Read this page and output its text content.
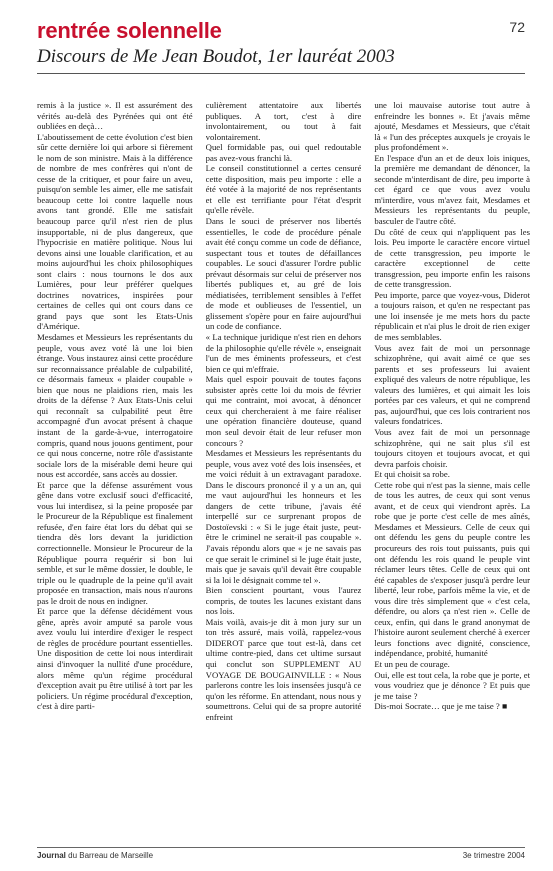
rentrée solennelle	72
Discours de Me Jean Boudot, 1er lauréat 2003

remis à la justice ». Il est assurément des vérités au-delà des Pyrénées qui ont été oubliées en deçà…

L'aboutissement de cette évolution c'est bien sûr cette dernière loi qui arbore si fièrement le nom de son ministre. Mais à la différence de nombre de mes confrères qui n'ont de cesse de la critiquer, et pour faire un aveu, puisqu'on semble les aimer, elle me satisfait beaucoup cette loi contre laquelle nous avons tant grondé. Elle me satisfait beaucoup parce qu'il n'est rien de plus insupportable, ni de plus dangereux, que l'hypocrisie en matière politique. Nous lui devons ainsi une louable clarification, et au moins aujourd'hui les choix philosophiques sont clairs : nous tournons le dos aux Lumières, pour leur préférer quelques doctrines novatrices, inspirées pour certaines de celles qui ont cours dans ce grand pays que sont les Etats-Unis d'Amérique.

Mesdames et Messieurs les représentants du peuple, vous avez voté là une loi bien étrange. Vous instaurez ainsi cette procédure sur reconnaissance préalable de culpabilité, ce désormais fameux « plaider coupable » bien que nous ne plaidions rien, mais les droits de la défense ? Aux Etats-Unis celui qui reconnaît sa culpabilité peut être accompagné d'un avocat présent à chaque instant de la garde-à-vue, interrogatoire compris, quand nous jouons gentiment, pour ce qui nous concerne, notre rôle d'assistante sociale lors de la misérable demi heure qui nous est accordée, sans accès au dossier.

Et parce que la défense assurément vous gêne dans votre exclusif souci d'efficacité, vous lui interdisez, si la peine proposée par le Procureur de la République est finalement refusée, d'en faire état lors du débat qui se tiendra dès lors devant la juridiction correctionnelle. Monsieur le Procureur de la République pourra requérir si bon lui semble, et sur le même dossier, le double, le triple ou le quadruple de la peine qu'il avait proposée en transaction, mais nous n'aurons pas le droit de nous en indigner.

Et parce que la défense décidément vous gêne, après avoir amputé sa parole vous avez voulu lui interdire d'exiger le respect de règles de procédure pourtant essentielles. Une disposition de cette loi nous interdirait ainsi d'invoquer la nullité d'une procédure, alors même qu'un régime procédural d'exception avait pu être utilisé à tort par les policiers. Un régime procédural d'exception, c'est à dire parti-

culièrement attentatoire aux libertés publiques. A tort, c'est à dire involontairement, ou tout à fait volontairement.

Quel formidable pas, oui quel redoutable pas avez-vous franchi là.

Le conseil constitutionnel a certes censuré cette disposition, mais peu importe : elle a été votée à la majorité de nos représentants et elle est terrifiante pour l'état d'esprit qu'elle révèle.

Dans le souci de préserver nos libertés essentielles, le code de procédure pénale avait été conçu comme un code de défiance, suspectant tous et toutes de défaillances coupables. Le souci d'assurer l'ordre public prévaut désormais sur celui de préserver nos libertés publiques et, au gré de lois médiatisées, terriblement sensibles à l'effet de mode et oublieuses de l'essentiel, un glissement s'opère pour en faire aujourd'hui un code de confiance.

« La technique juridique n'est rien en dehors de la philosophie qu'elle révèle », enseignait l'un de mes éminents professeurs, et c'est bien ce qui m'effraie.

Mais quel espoir pouvait de toutes façons subsister après cette loi du mois de février qui me contraint, moi avocat, à dénoncer ceux qui chercheraient à me faire réaliser une opération financière douteuse, quand mon seul devoir était de leur refuser mon concours ?

Mesdames et Messieurs les représentants du peuple, vous avez voté des lois insensées, et me voici réduit à un extravagant paradoxe. Dans le discours prononcé il y a un an, qui me vaut aujourd'hui les honneurs et les dangers de cette tribune, j'avais été interpellé sur ce surprenant propos de Dostoïevski : « Si le juge était juste, peut-être le criminel ne serait-il pas coupable ». J'avais répondu alors que « je ne savais pas ce que serait le criminel si le juge était juste, mais que je savais qu'il devait être coupable si la loi le désignait comme tel ».

Bien conscient pourtant, vous l'aurez compris, de toutes les lacunes existant dans nos lois.

Mais voilà, avais-je dit à mon jury sur un ton très assuré, mais voilà, rappelez-vous DIDEROT parce que tout est-là, dans cet ultime contre-pied, dans cet ultime sursaut qui conclut son SUPPLEMENT AU VOYAGE DE BOUGAINVILLE : « Nous parlerons contre les lois insensées jusqu'à ce qu'on les réforme. En attendant, nous nous y soumettrons. Celui qui de sa propre autorité enfreint

une loi mauvaise autorise tout autre à enfreindre les bonnes ». Et j'avais même ajouté, Mesdames et Messieurs, que c'était là « l'un des préceptes auxquels je croyais le plus profondément ».

En l'espace d'un an et de deux lois iniques, la première me demandant de dénoncer, la seconde m'interdisant de dire, peu importe à cet égard ce que vous avez voulu m'interdire, vous m'avez fait, Mesdames et Messieurs les représentants du peuple, basculer de l'autre côté.

Du côté de ceux qui n'appliquent pas les lois. Peu importe le caractère encore virtuel de cette transgression, peu importe le caractère exceptionnel de cette transgression, peu importe enfin les raisons de cette transgression.

Peu importe, parce que voyez-vous, Diderot a toujours raison, et qu'en ne respectant pas une loi insensée je me mets hors du pacte républicain et n'ai plus le droit de rien exiger de mes semblables.

Vous avez fait de moi un personnage schizophrène, qui avait aimé ce que ses parents et ses professeurs lui avaient expliqué des valeurs de notre république, les valeurs des lumières, et qui aimait les lois portées par ces valeurs, et qui ne comprend pas, aujourd'hui, que ces lois contrarient nos valeurs fondatrices.

Vous avez fait de moi un personnage schizophrène, qui ne sait plus s'il est toujours citoyen et toujours avocat, et qui devra parfois choisir.

Et qui choisit sa robe.

Cette robe qui n'est pas la sienne, mais celle de tous les autres, de ceux qui sont venus avant, et de ceux qui viendront après. La robe que je porte c'est celle de mes aînés, Mesdames et Messieurs. Celle de ceux qui ont défendu les gens du peuple contre les procureurs des rois tout puissants, puis qui ont défendu les rois quand le peuple vint réclamer leurs têtes. Celle de ceux qui ont été capables de s'exposer jusqu'à perdre leur liberté, leur robe, parfois même la vie, et de vous dire très simplement que « c'est cela, défendre, ou alors ça n'est rien ». Celle de ceux, enfin, qui dans le grand anonymat de l'histoire auront seulement cherché à exercer leurs fonctions avec dignité, conscience, indépendance, probité, humanité

Et un peu de courage.

Oui, elle est tout cela, la robe que je porte, et vous voudriez que je dénonce ? Et puis que je me taise ?

Dis-moi Socrate… que je me taise ? ■

Journal du Barreau de Marseille	3e trimestre 2004
